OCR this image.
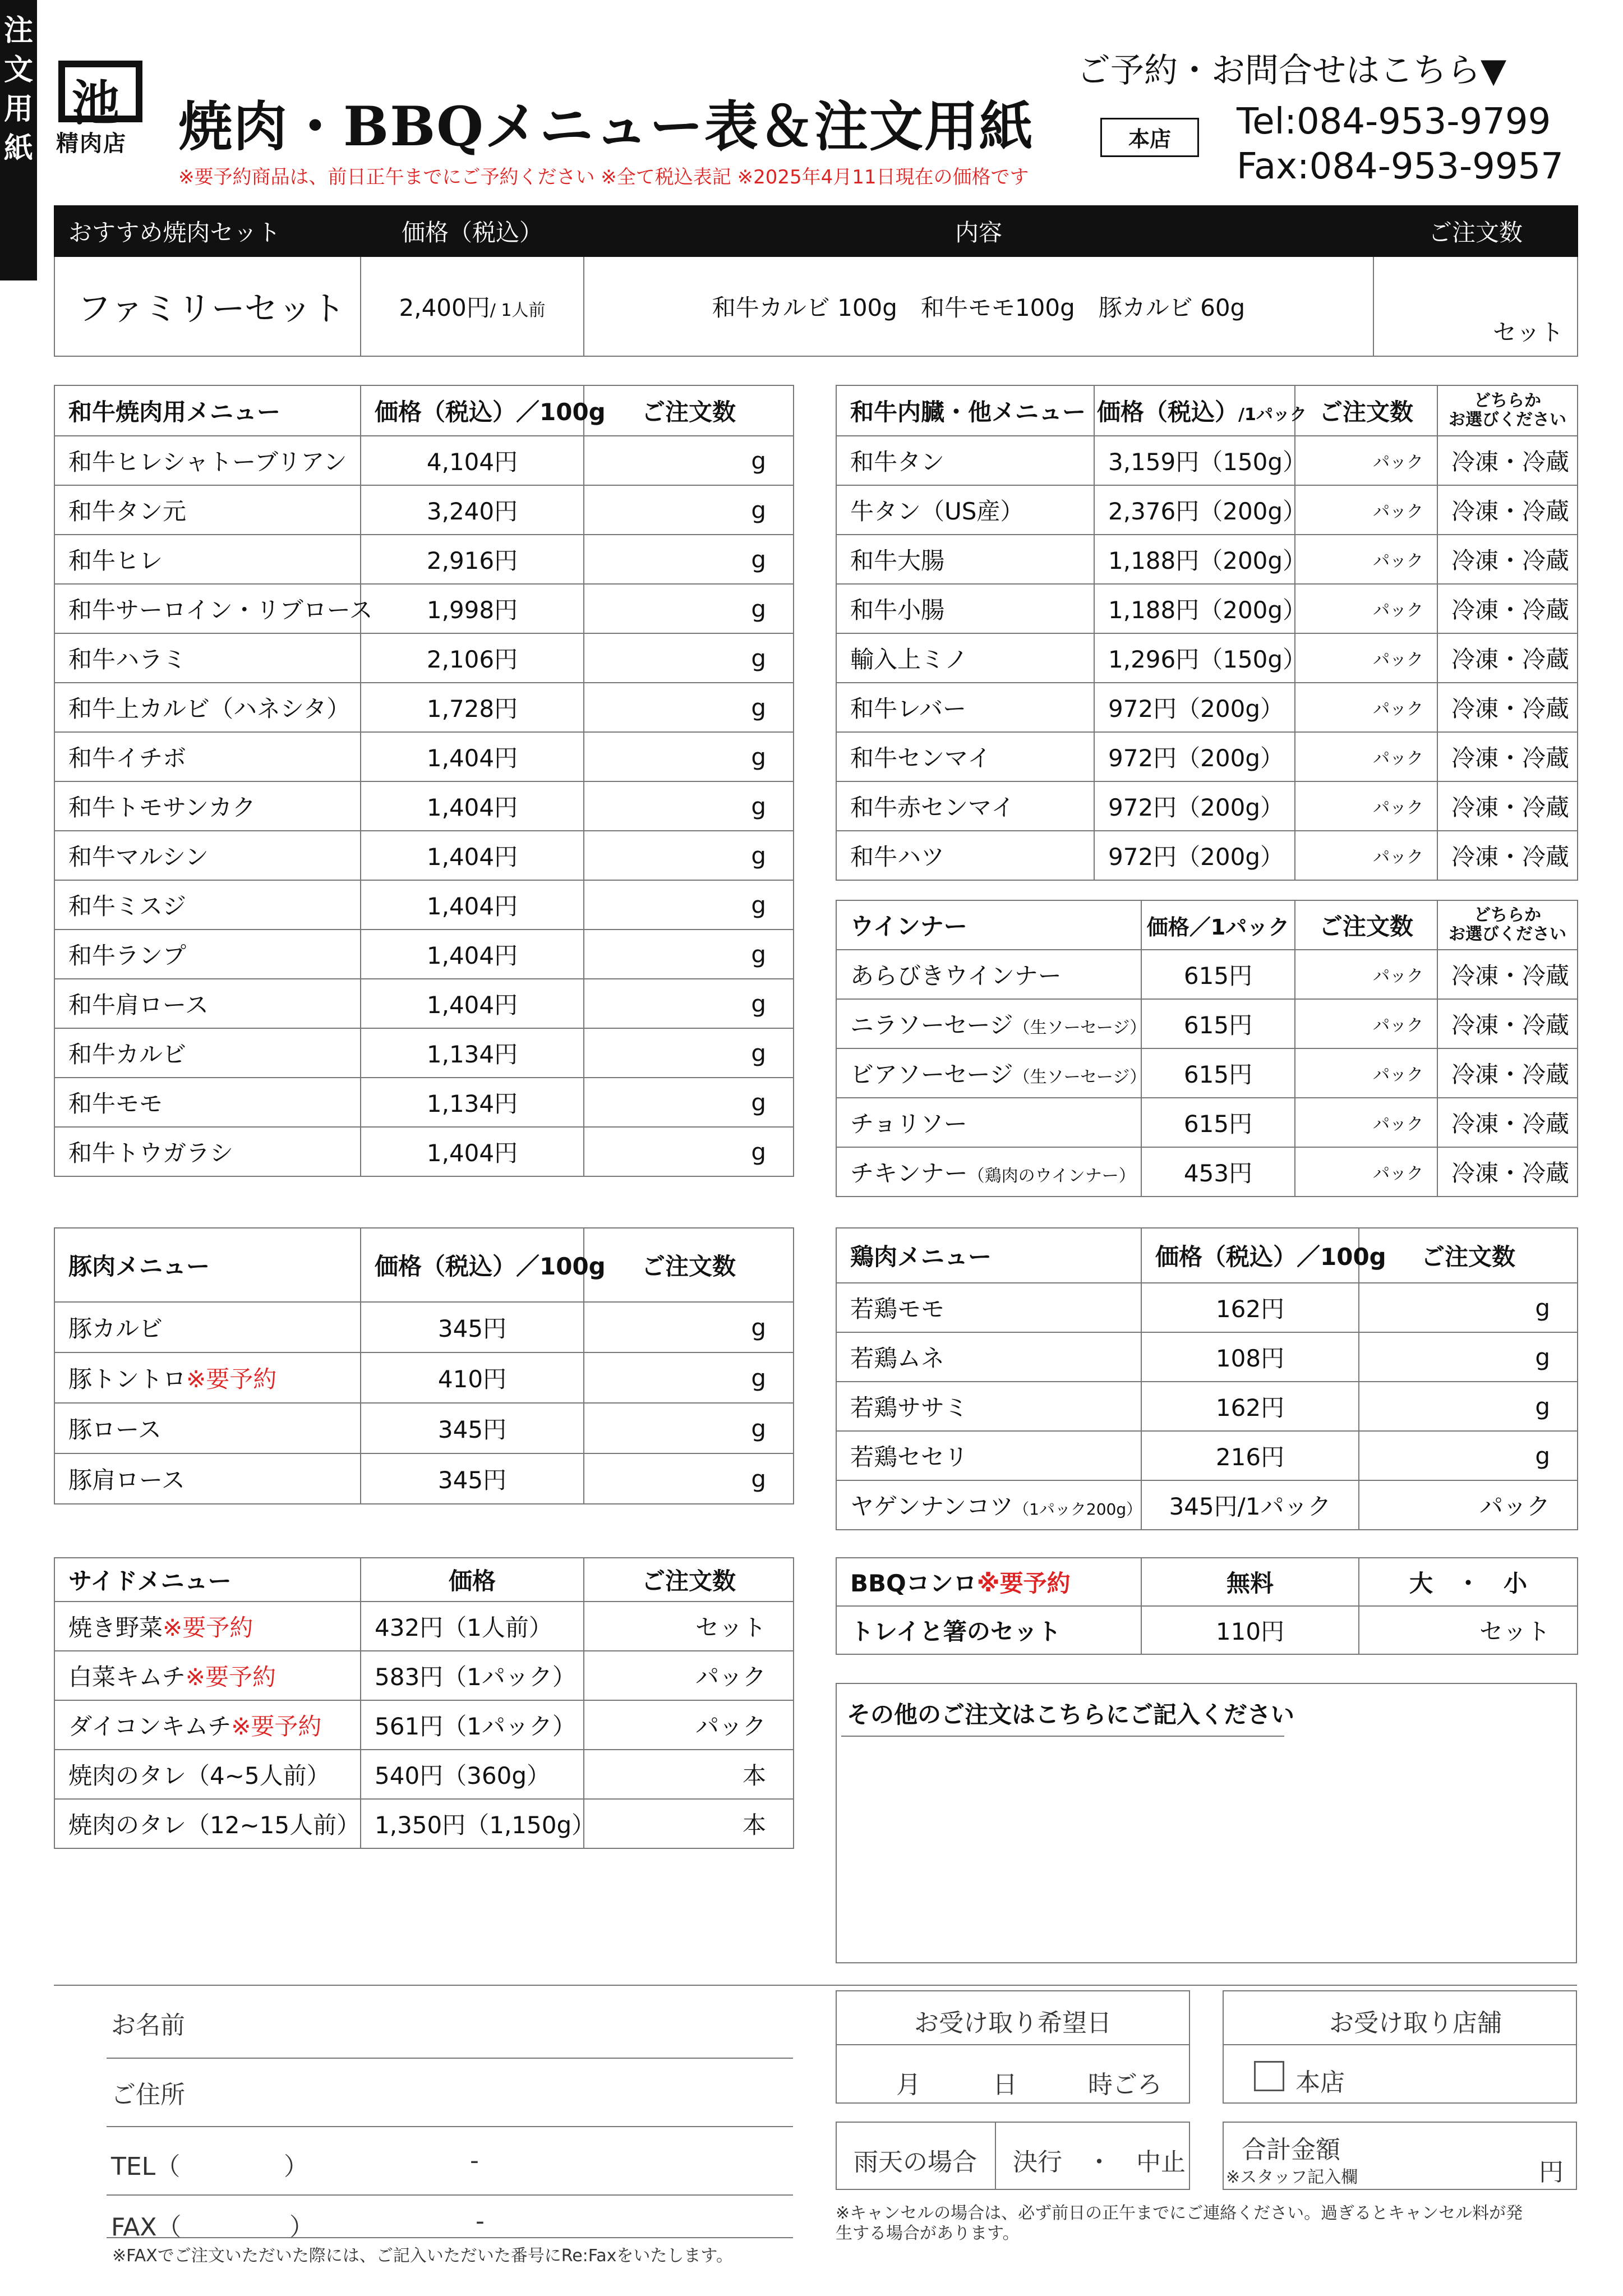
池
精肉店 焼肉・BBQメニュー表＆注文用紙
※要予約商品は、前日正午までにご予約ください ※全て税込表記 ※2025年4月11日現在の価格です
ご予約・お問合せはこちら▼
本店	Tel:084-953-9799
Fax:084-953-9957
おすすめ焼肉セット	価格（税込）	内容	ご注文数
ファミリーセット	2,400円/ 1人前	和牛カルビ 100g　和牛モモ100g　豚カルビ 60g	セット
和牛焼肉用メニュー	価格（税込）／100g	ご注文数
和牛ヒレシャトーブリアン	4,104円	g
和牛タン元	3,240円	g
和牛ヒレ	2,916円	g
和牛サーロイン・リブロース	1,998円	g
和牛ハラミ	2,106円	g
和牛上カルビ（ハネシタ）	1,728円	g
和牛イチボ	1,404円	g
和牛トモサンカク	1,404円	g
和牛マルシン	1,404円	g
和牛ミスジ	1,404円	g
和牛ランプ	1,404円	g
和牛肩ロース	1,404円	g
和牛カルビ	1,134円	g
和牛モモ	1,134円	g
和牛トウガラシ	1,404円	g
和牛内臓・他メニュー	価格（税込）/1パック	ご注文数	どちらか
お選びください

和牛タン	3,159円（150g）	パック	冷凍・冷蔵
牛タン（US産）	2,376円（200g）	パック	冷凍・冷蔵
和牛大腸	1,188円（200g）	パック	冷凍・冷蔵
和牛小腸	1,188円（200g）	パック	冷凍・冷蔵
輸入上ミノ	1,296円（150g）	パック	冷凍・冷蔵
和牛レバー	972円（200g）	パック	冷凍・冷蔵
和牛センマイ	972円（200g）	パック	冷凍・冷蔵
和牛赤センマイ	972円（200g）	パック	冷凍・冷蔵
和牛ハツ	972円（200g）	パック	冷凍・冷蔵
ウインナー	価格／1パック	ご注文数	どちらか
お選びください

あらびきウインナー	615円	パック	冷凍・冷蔵
ニラソーセージ（生ソーセージ）	615円	パック	冷凍・冷蔵
ビアソーセージ（生ソーセージ）	615円	パック	冷凍・冷蔵
チョリソー	615円	パック	冷凍・冷蔵
チキンナー（鶏肉のウインナー）	453円	パック	冷凍・冷蔵
豚肉メニュー	価格（税込）／100g	ご注文数
豚カルビ	345円	g
豚トントロ※要予約	410円	g
豚ロース	345円	g
豚肩ロース	345円	g
鶏肉メニュー	価格（税込）／100g	ご注文数
若鶏モモ	162円	g
若鶏ムネ	108円	g
若鶏ササミ	162円	g
若鶏セセリ	216円	g
ヤゲンナンコツ（1パック200g）	345円/1パック	パック
サイドメニュー	価格	ご注文数
焼き野菜※要予約	432円（1人前）	セット
白菜キムチ※要予約	583円（1パック）	パック
ダイコンキムチ※要予約	561円（1パック）	パック
焼肉のタレ（4~5人前）	540円（360g）	本
焼肉のタレ（12~15人前）	1,350円（1,150g）	本
BBQコンロ※要予約	無料	大　・　小
トレイと箸のセット	110円	セット
その他のご注文はこちらにご記入ください
注
文
用
紙
お名前
ご住所
TEL（	）	-
FAX（	）	-
※FAXでご注文いただいた際には、ご記入いただいた番号にRe:Faxをいたします。
お受け取り希望日
月	日	時ごろ
お受け取り店舗
本店
雨天の場合 決行　・　中止 合計金額
※スタッフ記入欄	円
※キャンセルの場合は、必ず前日の正午までにご連絡ください。過ぎるとキャンセル料が発
生する場合があります。
